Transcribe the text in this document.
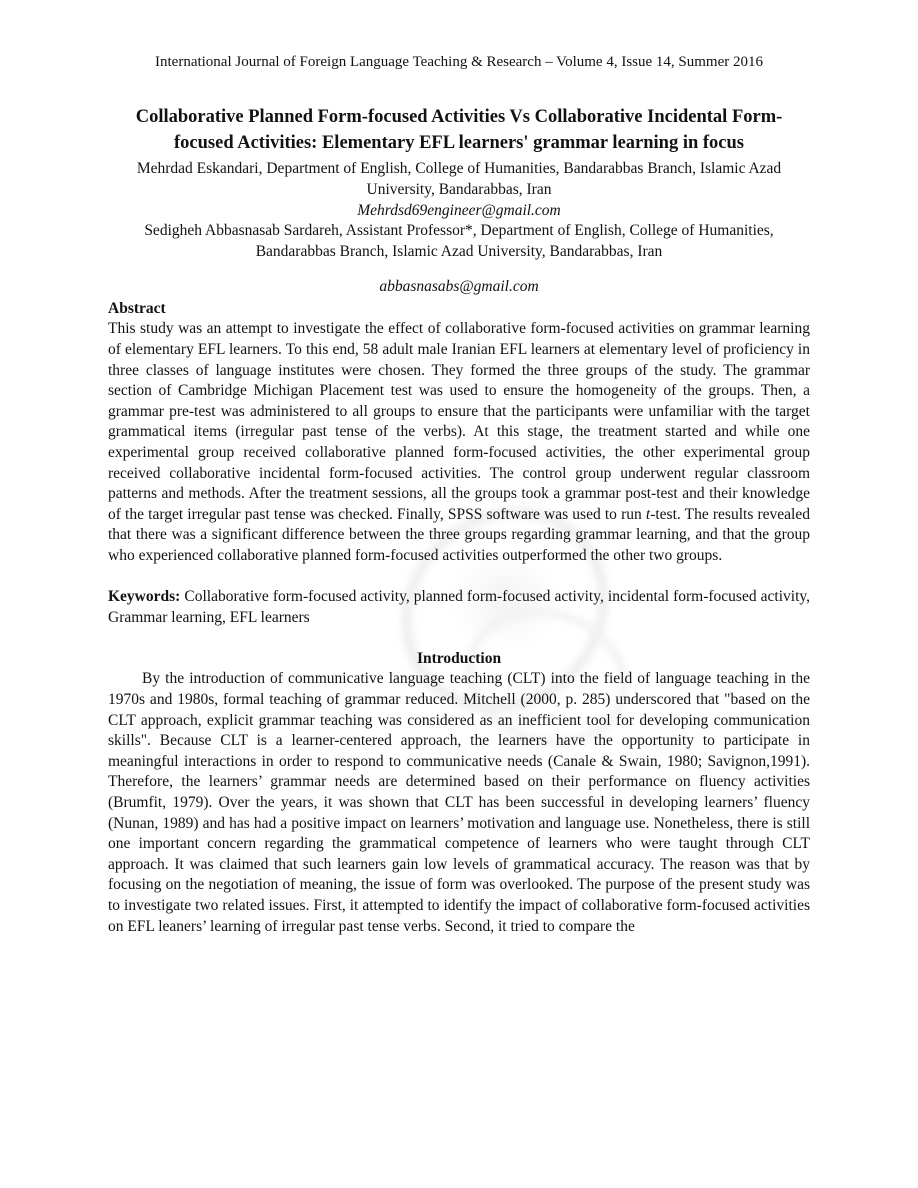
International Journal of Foreign Language Teaching & Research – Volume 4, Issue 14, Summer 2016
Collaborative Planned Form-focused Activities Vs Collaborative Incidental Form-focused Activities: Elementary EFL learners' grammar learning in focus
Mehrdad Eskandari, Department of English, College of Humanities, Bandarabbas Branch, Islamic Azad University, Bandarabbas, Iran
Mehrdsd69engineer@gmail.com
Sedigheh Abbasnasab Sardareh, Assistant Professor*, Department of English, College of Humanities, Bandarabbas Branch, Islamic Azad University, Bandarabbas, Iran
abbasnasabs@gmail.com
Abstract

This study was an attempt to investigate the effect of collaborative form-focused activities on grammar learning of elementary EFL learners. To this end, 58 adult male Iranian EFL learners at elementary level of proficiency in three classes of language institutes were chosen. They formed the three groups of the study. The grammar section of Cambridge Michigan Placement test was used to ensure the homogeneity of the groups. Then, a grammar pre-test was administered to all groups to ensure that the participants were unfamiliar with the target grammatical items (irregular past tense of the verbs). At this stage, the treatment started and while one experimental group received collaborative planned form-focused activities, the other experimental group received collaborative incidental form-focused activities. The control group underwent regular classroom patterns and methods. After the treatment sessions, all the groups took a grammar post-test and their knowledge of the target irregular past tense was checked. Finally, SPSS software was used to run t-test. The results revealed that there was a significant difference between the three groups regarding grammar learning, and that the group who experienced collaborative planned form-focused activities outperformed the other two groups.

Keywords: Collaborative form-focused activity, planned form-focused activity, incidental form-focused activity, Grammar learning, EFL learners

Introduction

By the introduction of communicative language teaching (CLT) into the field of language teaching in the 1970s and 1980s, formal teaching of grammar reduced. Mitchell (2000, p. 285) underscored that "based on the CLT approach, explicit grammar teaching was considered as an inefficient tool for developing communication skills". Because CLT is a learner-centered approach, the learners have the opportunity to participate in meaningful interactions in order to respond to communicative needs (Canale & Swain, 1980; Savignon,1991). Therefore, the learners’ grammar needs are determined based on their performance on fluency activities (Brumfit, 1979). Over the years, it was shown that CLT has been successful in developing learners’ fluency (Nunan, 1989) and has had a positive impact on learners’ motivation and language use. Nonetheless, there is still one important concern regarding the grammatical competence of learners who were taught through CLT approach. It was claimed that such learners gain low levels of grammatical accuracy. The reason was that by focusing on the negotiation of meaning, the issue of form was overlooked. The purpose of the present study was to investigate two related issues. First, it attempted to identify the impact of collaborative form-focused activities on EFL leaners’ learning of irregular past tense verbs. Second, it tried to compare the
